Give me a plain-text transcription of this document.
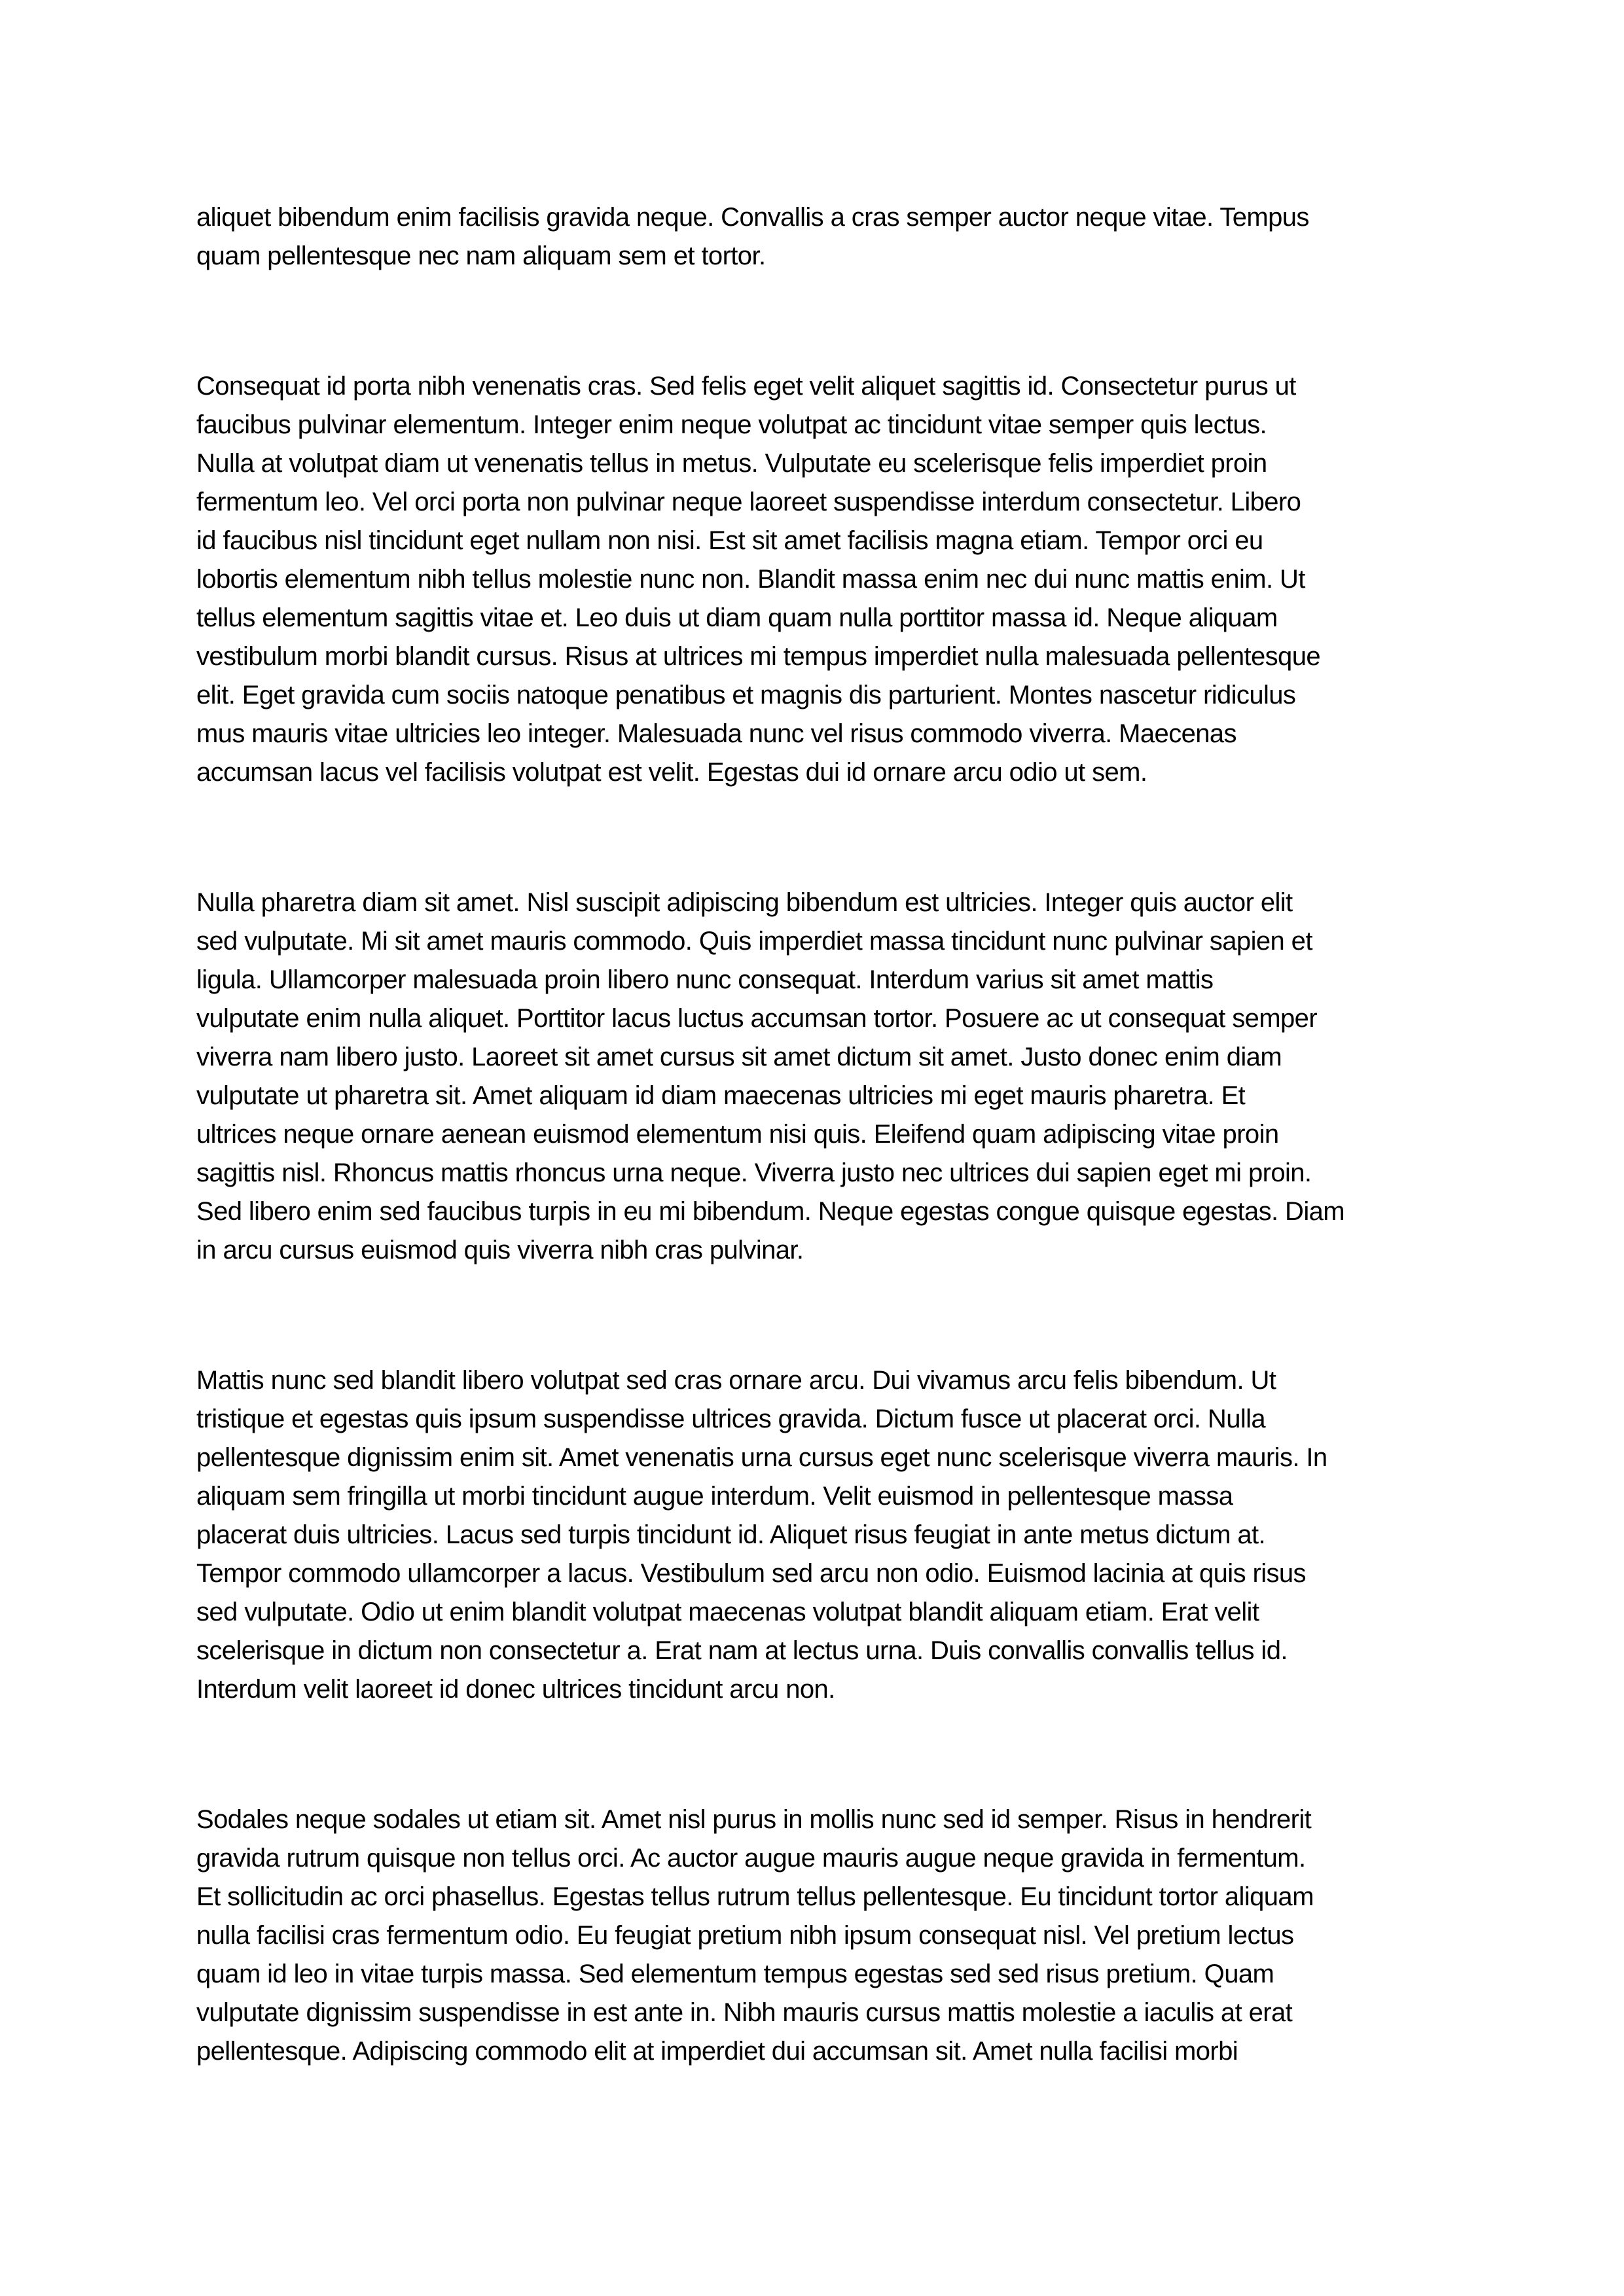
aliquet bibendum enim facilisis gravida neque. Convallis a cras semper auctor neque vitae. Tempus
quam pellentesque nec nam aliquam sem et tortor.

Consequat id porta nibh venenatis cras. Sed felis eget velit aliquet sagittis id. Consectetur purus ut
faucibus pulvinar elementum. Integer enim neque volutpat ac tincidunt vitae semper quis lectus.
Nulla at volutpat diam ut venenatis tellus in metus. Vulputate eu scelerisque felis imperdiet proin
fermentum leo. Vel orci porta non pulvinar neque laoreet suspendisse interdum consectetur. Libero
id faucibus nisl tincidunt eget nullam non nisi. Est sit amet facilisis magna etiam. Tempor orci eu
lobortis elementum nibh tellus molestie nunc non. Blandit massa enim nec dui nunc mattis enim. Ut
tellus elementum sagittis vitae et. Leo duis ut diam quam nulla porttitor massa id. Neque aliquam
vestibulum morbi blandit cursus. Risus at ultrices mi tempus imperdiet nulla malesuada pellentesque
elit. Eget gravida cum sociis natoque penatibus et magnis dis parturient. Montes nascetur ridiculus
mus mauris vitae ultricies leo integer. Malesuada nunc vel risus commodo viverra. Maecenas
accumsan lacus vel facilisis volutpat est velit. Egestas dui id ornare arcu odio ut sem.

Nulla pharetra diam sit amet. Nisl suscipit adipiscing bibendum est ultricies. Integer quis auctor elit
sed vulputate. Mi sit amet mauris commodo. Quis imperdiet massa tincidunt nunc pulvinar sapien et
ligula. Ullamcorper malesuada proin libero nunc consequat. Interdum varius sit amet mattis
vulputate enim nulla aliquet. Porttitor lacus luctus accumsan tortor. Posuere ac ut consequat semper
viverra nam libero justo. Laoreet sit amet cursus sit amet dictum sit amet. Justo donec enim diam
vulputate ut pharetra sit. Amet aliquam id diam maecenas ultricies mi eget mauris pharetra. Et
ultrices neque ornare aenean euismod elementum nisi quis. Eleifend quam adipiscing vitae proin
sagittis nisl. Rhoncus mattis rhoncus urna neque. Viverra justo nec ultrices dui sapien eget mi proin.
Sed libero enim sed faucibus turpis in eu mi bibendum. Neque egestas congue quisque egestas. Diam
in arcu cursus euismod quis viverra nibh cras pulvinar.

Mattis nunc sed blandit libero volutpat sed cras ornare arcu. Dui vivamus arcu felis bibendum. Ut
tristique et egestas quis ipsum suspendisse ultrices gravida. Dictum fusce ut placerat orci. Nulla
pellentesque dignissim enim sit. Amet venenatis urna cursus eget nunc scelerisque viverra mauris. In
aliquam sem fringilla ut morbi tincidunt augue interdum. Velit euismod in pellentesque massa
placerat duis ultricies. Lacus sed turpis tincidunt id. Aliquet risus feugiat in ante metus dictum at.
Tempor commodo ullamcorper a lacus. Vestibulum sed arcu non odio. Euismod lacinia at quis risus
sed vulputate. Odio ut enim blandit volutpat maecenas volutpat blandit aliquam etiam. Erat velit
scelerisque in dictum non consectetur a. Erat nam at lectus urna. Duis convallis convallis tellus id.
Interdum velit laoreet id donec ultrices tincidunt arcu non.

Sodales neque sodales ut etiam sit. Amet nisl purus in mollis nunc sed id semper. Risus in hendrerit
gravida rutrum quisque non tellus orci. Ac auctor augue mauris augue neque gravida in fermentum.
Et sollicitudin ac orci phasellus. Egestas tellus rutrum tellus pellentesque. Eu tincidunt tortor aliquam
nulla facilisi cras fermentum odio. Eu feugiat pretium nibh ipsum consequat nisl. Vel pretium lectus
quam id leo in vitae turpis massa. Sed elementum tempus egestas sed sed risus pretium. Quam
vulputate dignissim suspendisse in est ante in. Nibh mauris cursus mattis molestie a iaculis at erat
pellentesque. Adipiscing commodo elit at imperdiet dui accumsan sit. Amet nulla facilisi morbi
